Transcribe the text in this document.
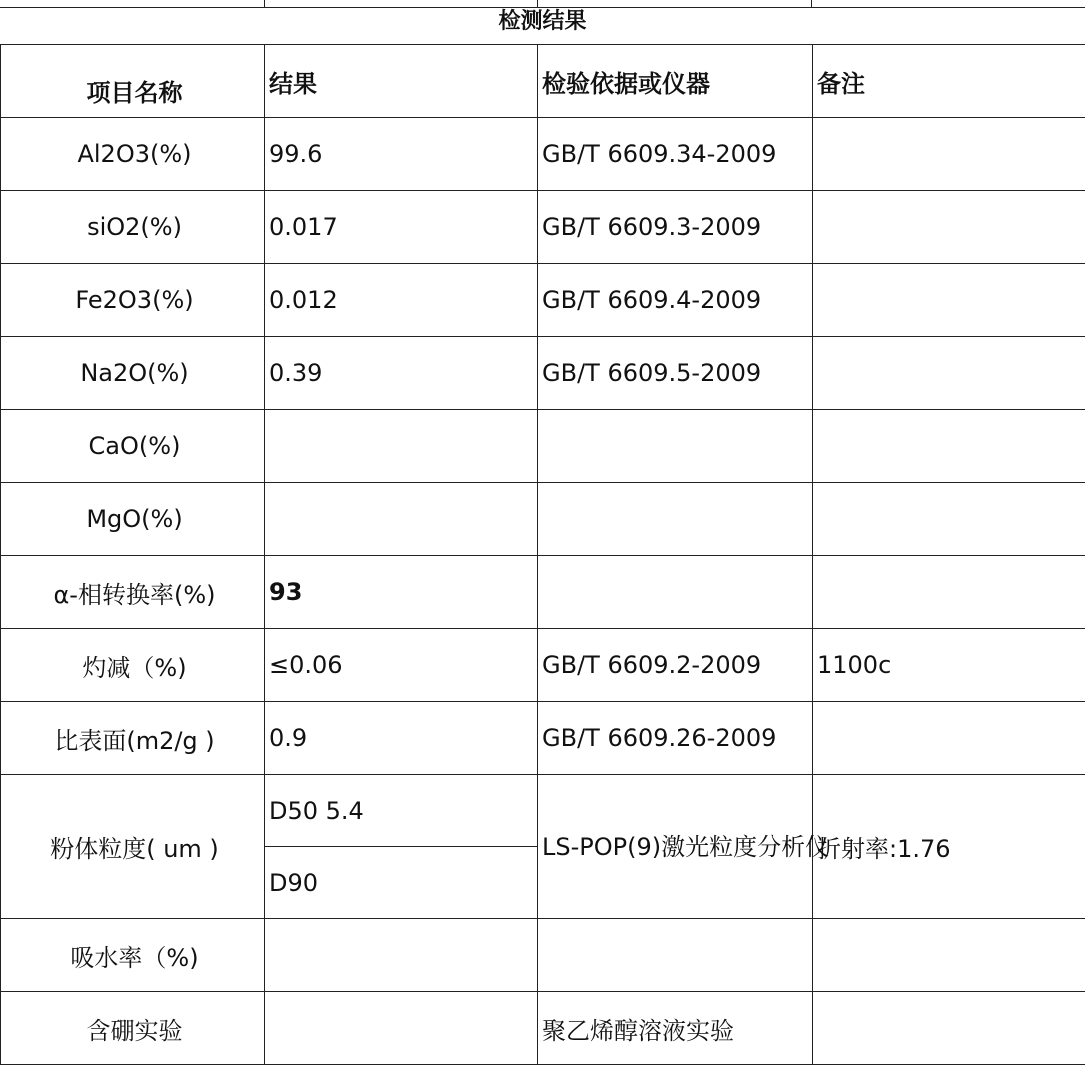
检测结果
项目名称	结果	检验依据或仪器	备注
Al2O3(%)	99.6	GB/T 6609.34-2009	
siO2(%)	0.017	GB/T 6609.3-2009	
Fe2O3(%)	0.012	GB/T 6609.4-2009	
Na2O(%)	0.39	GB/T 6609.5-2009	
CaO(%)			
MgO(%)			
α-相转换率(%)	93		
灼减（%)	≤0.06	GB/T 6609.2-2009	1100c
比表面(m2/g )	0.9	GB/T 6609.26-2009	
粉体粒度( um )	D50 5.4	LS-POP(9)激光粒度分析仪	折射率:1.76
	D90		
吸水率（%)			
含硼实验		聚乙烯醇溶液实验	
